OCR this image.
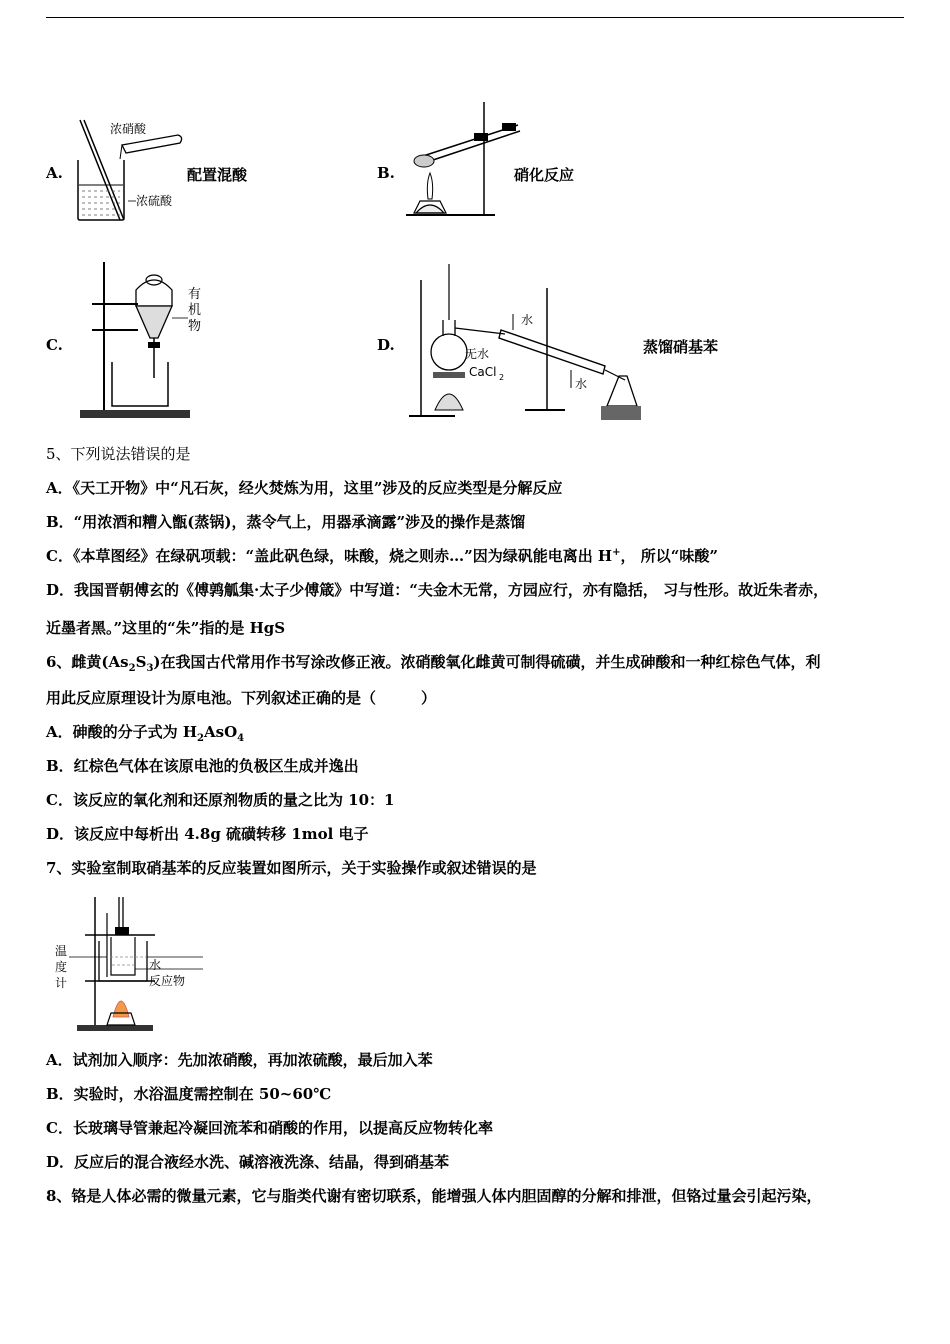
A.
浓硝酸
浓硫酸
配置混酸	B.	硝化反应
C.
有
机
物
D.
水
水
无水
CaCl 2
蒸馏硝基苯
5、下列说法错误的是
A．《天工开物》中“凡石灰，经火焚炼为用，这里”涉及的反应类型是分解反应
B．“用浓酒和糟入甑(蒸锅)，蒸令气上，用器承滴露”涉及的操作是蒸馏
C．《本草图经》在绿矾项载：“盖此矾色绿，味酸，烧之则赤…”因为绿矾能电离出 H+， 所以“味酸”
D．我国晋朝傅玄的《傅鹑觚集·太子少傅箴》中写道：“夫金木无常，方园应行，亦有隐括， 习与性形。故近朱者赤，
近墨者黑。”这里的“朱”指的是 HgS
6、雌黄$(As_2S_3)$在我国古代常用作书写涂改修正液。浓硝酸氧化雌黄可制得硫磺，并生成砷酸和一种红棕色气体，利
用此反应原理设计为原电池。下列叙述正确的是（　　　）
A．砷酸的分子式为 $H_2AsO_4$
B．红棕色气体在该原电池的负极区生成并逸出
C．该反应的氧化剂和还原剂物质的量之比为 10：1
D．该反应中每析出 4.8g 硫磺转移 1mol 电子
7、实验室制取硝基苯的反应装置如图所示，关于实验操作或叙述错误的是
温
度
计
水
反应物
A．试剂加入顺序：先加浓硝酸，再加浓硫酸，最后加入苯
B．实验时，水浴温度需控制在 50~60℃
C．长玻璃导管兼起冷凝回流苯和硝酸的作用，以提高反应物转化率
D．反应后的混合液经水洗、碱溶液洗涤、结晶，得到硝基苯
8、铬是人体必需的微量元素，它与脂类代谢有密切联系，能增强人体内胆固醇的分解和排泄，但铬过量会引起污染，
